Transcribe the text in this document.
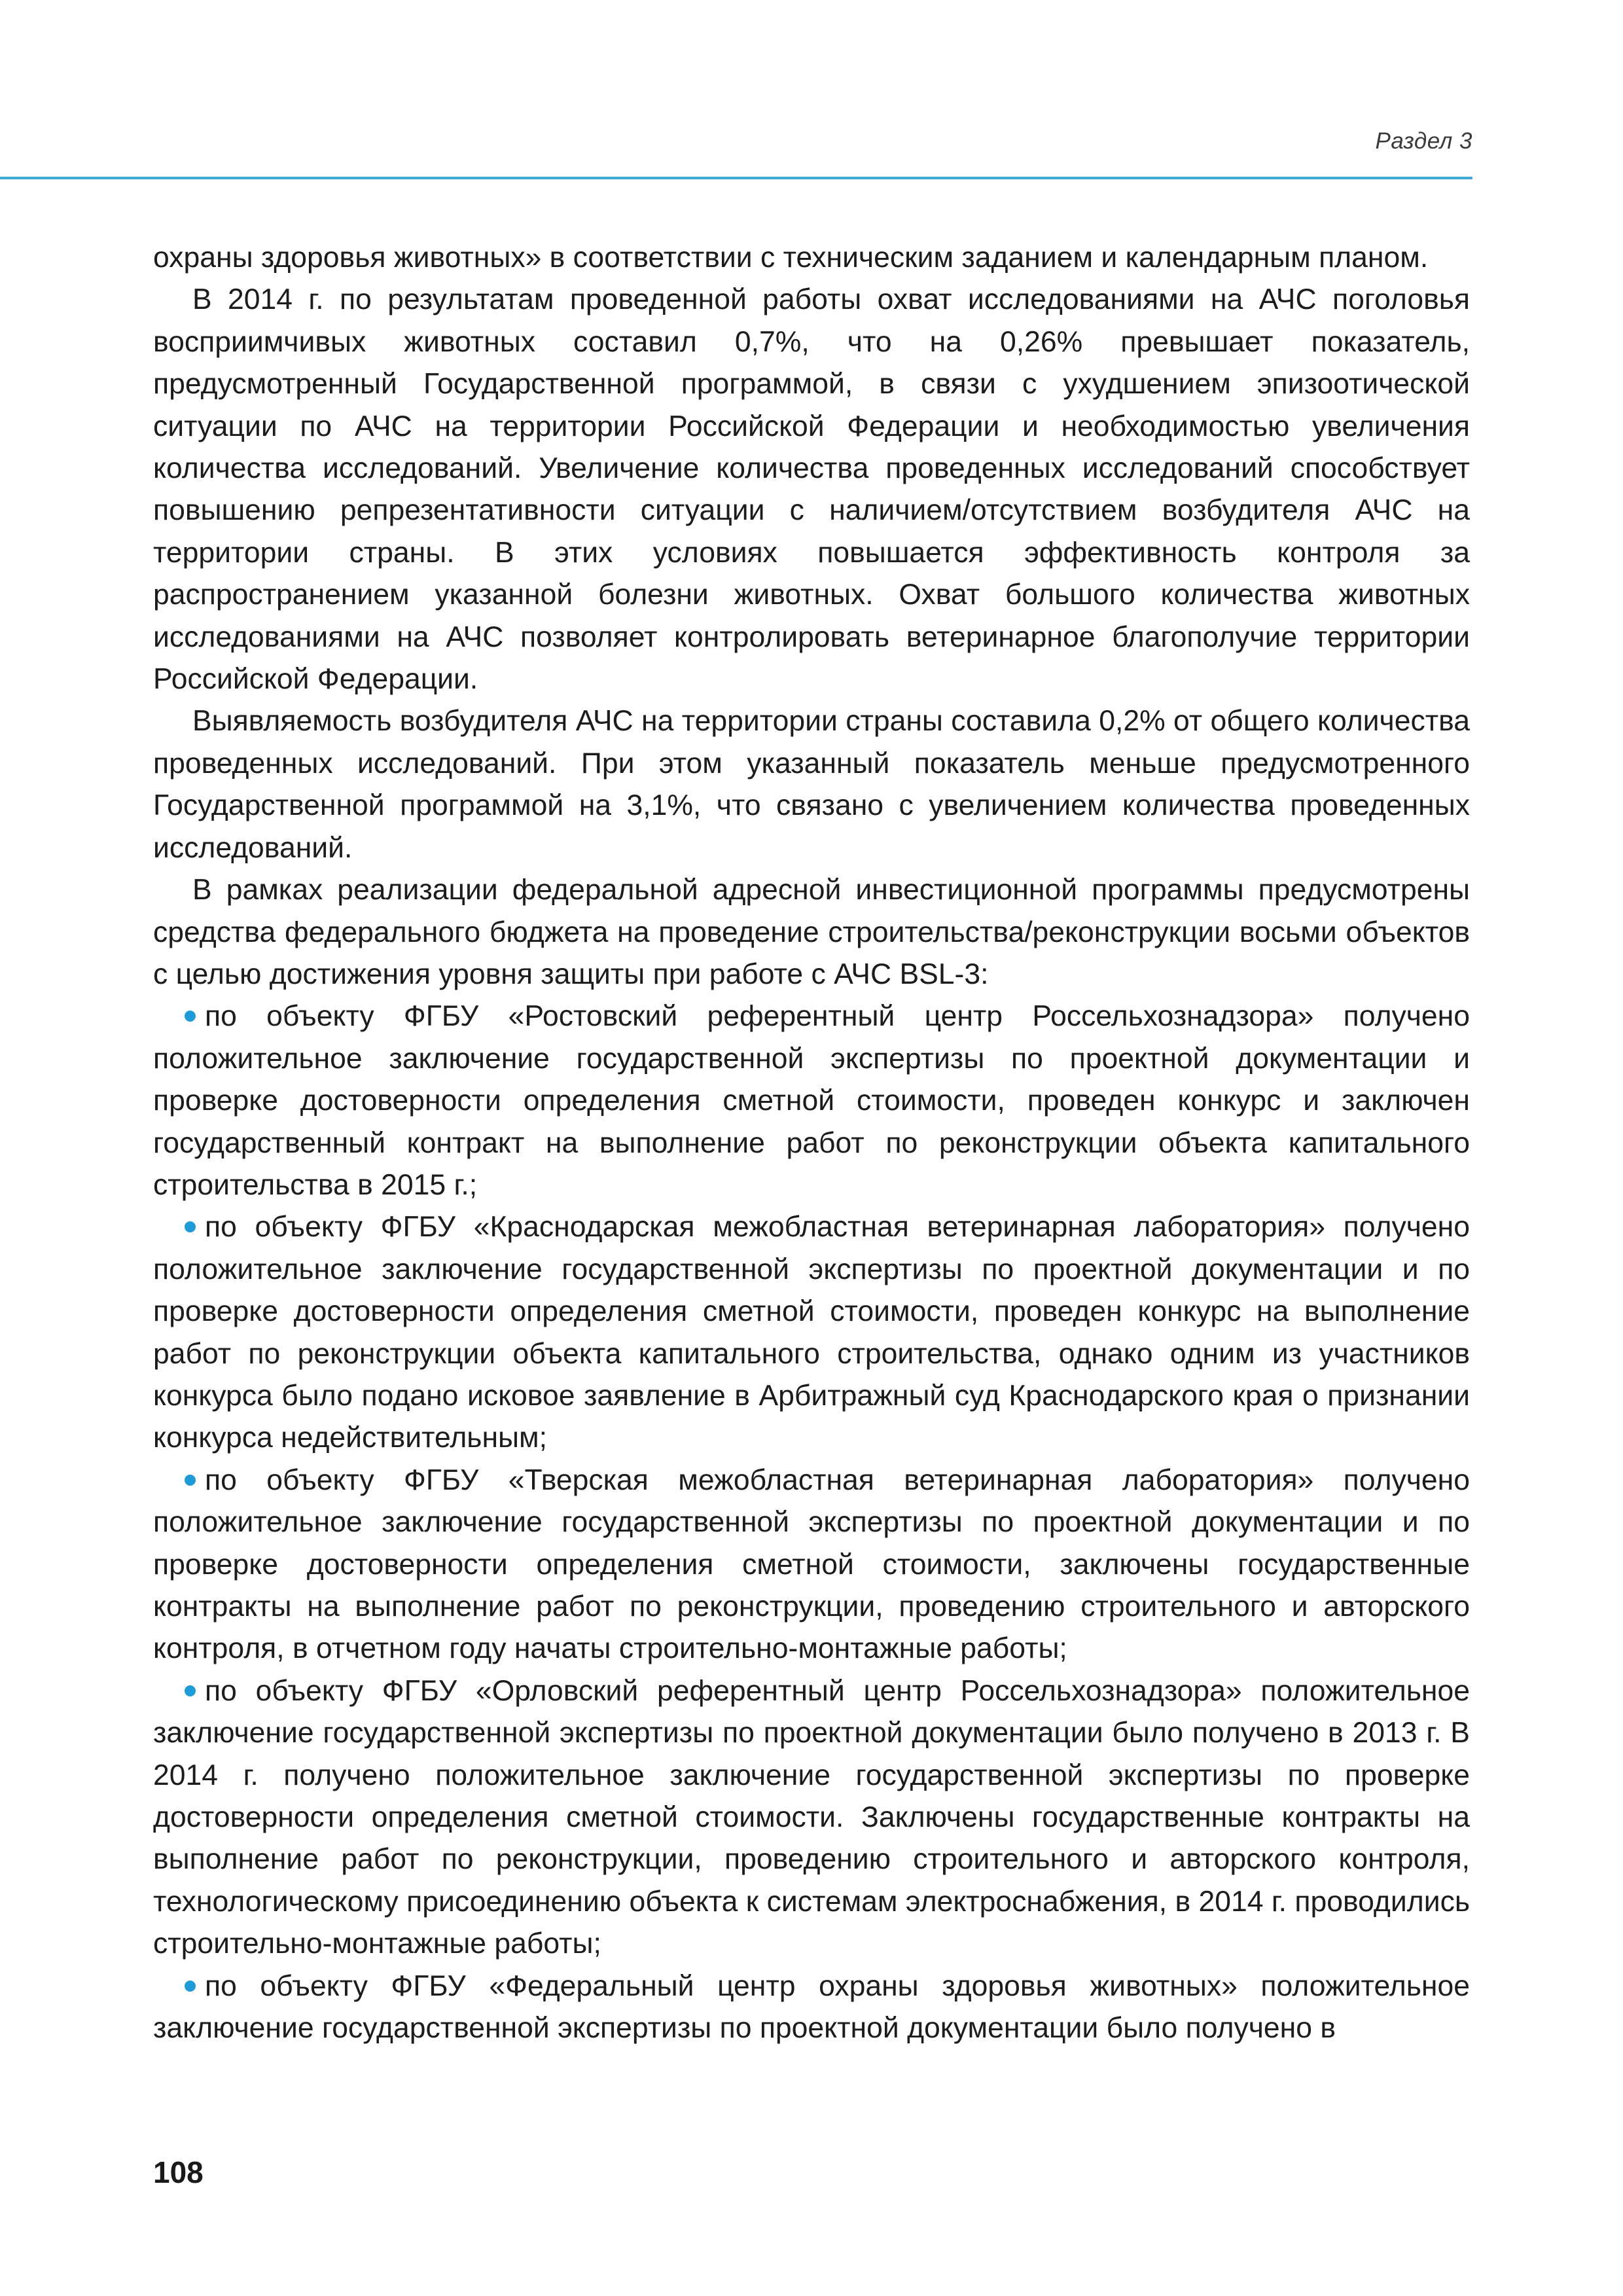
Раздел 3

охраны здоровья животных» в соответствии с техническим заданием и календарным планом.

В 2014 г. по результатам проведенной работы охват исследованиями на АЧС поголовья восприимчивых животных составил 0,7%, что на 0,26% превышает показатель, предусмотренный Государственной программой, в связи с ухудшением эпизоотической ситуации по АЧС на территории Российской Федерации и необходимостью увеличения количества исследований. Увеличение количества проведенных исследований способствует повышению репрезентативности ситуации с наличием/отсутствием возбудителя АЧС на территории страны. В этих условиях повышается эффективность контроля за распространением указанной болезни животных. Охват большого количества животных исследованиями на АЧС позволяет контролировать ветеринарное благополучие территории Российской Федерации.

Выявляемость возбудителя АЧС на территории страны составила 0,2% от общего количества проведенных исследований. При этом указанный показатель меньше предусмотренного Государственной программой на 3,1%, что связано с увеличением количества проведенных исследований.

В рамках реализации федеральной адресной инвестиционной программы предусмотрены средства федерального бюджета на проведение строительства/реконструкции восьми объектов с целью достижения уровня защиты при работе с АЧС BSL-3:

по объекту ФГБУ «Ростовский референтный центр Россельхознадзора» получено положительное заключение государственной экспертизы по проектной документации и проверке достоверности определения сметной стоимости, проведен конкурс и заключен государственный контракт на выполнение работ по реконструкции объекта капитального строительства в 2015 г.;

по объекту ФГБУ «Краснодарская межобластная ветеринарная лаборатория» получено положительное заключение государственной экспертизы по проектной документации и по проверке достоверности определения сметной стоимости, проведен конкурс на выполнение работ по реконструкции объекта капитального строительства, однако одним из участников конкурса было подано исковое заявление в Арбитражный суд Краснодарского края о признании конкурса недействительным;

по объекту ФГБУ «Тверская межобластная ветеринарная лаборатория» получено положительное заключение государственной экспертизы по проектной документации и по проверке достоверности определения сметной стоимости, заключены государственные контракты на выполнение работ по реконструкции, проведению строительного и авторского контроля, в отчетном году начаты строительно-монтажные работы;

по объекту ФГБУ «Орловский референтный центр Россельхознадзора» положительное заключение государственной экспертизы по проектной документации было получено в 2013 г. В 2014 г. получено положительное заключение государственной экспертизы по проверке достоверности определения сметной стоимости. Заключены государственные контракты на выполнение работ по реконструкции, проведению строительного и авторского контроля, технологическому присоединению объекта к системам электроснабжения, в 2014 г. проводились строительно-монтажные работы;

по объекту ФГБУ «Федеральный центр охраны здоровья животных» положительное заключение государственной экспертизы по проектной документации было получено в

108
